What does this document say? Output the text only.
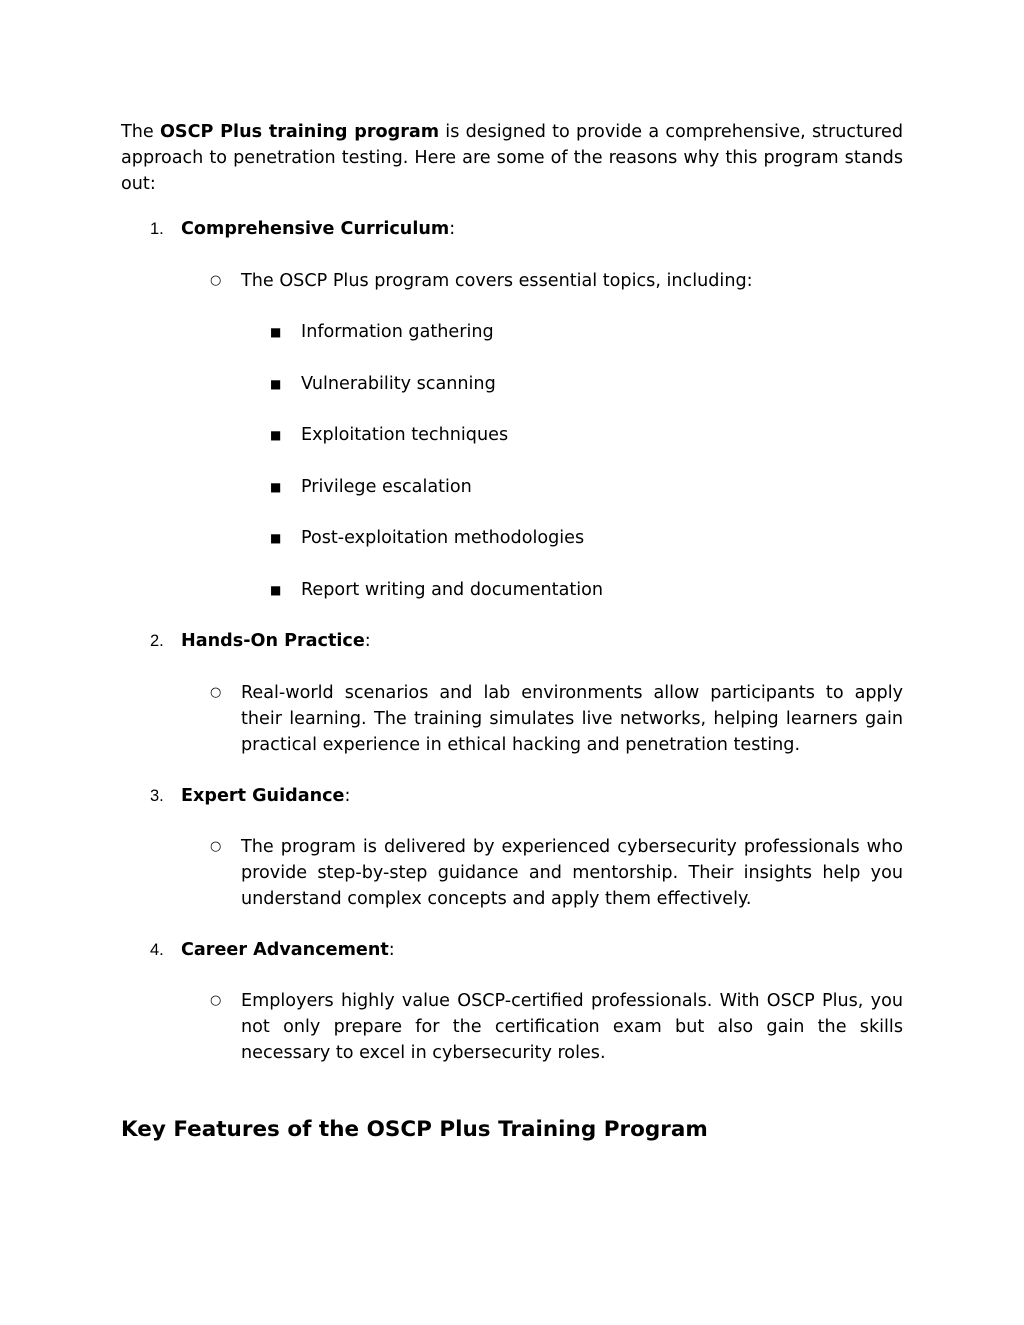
The OSCP Plus training program is designed to provide a comprehensive, structured approach to penetration testing. Here are some of the reasons why this program stands out:

1. Comprehensive Curriculum:
○ The OSCP Plus program covers essential topics, including:
■ Information gathering
■ Vulnerability scanning
■ Exploitation techniques
■ Privilege escalation
■ Post-exploitation methodologies
■ Report writing and documentation
2. Hands-On Practice:
○ Real-world scenarios and lab environments allow participants to apply their learning. The training simulates live networks, helping learners gain practical experience in ethical hacking and penetration testing.
3. Expert Guidance:
○ The program is delivered by experienced cybersecurity professionals who provide step-by-step guidance and mentorship. Their insights help you understand complex concepts and apply them effectively.
4. Career Advancement:
○ Employers highly value OSCP-certified professionals. With OSCP Plus, you not only prepare for the certification exam but also gain the skills necessary to excel in cybersecurity roles.
Key Features of the OSCP Plus Training Program
